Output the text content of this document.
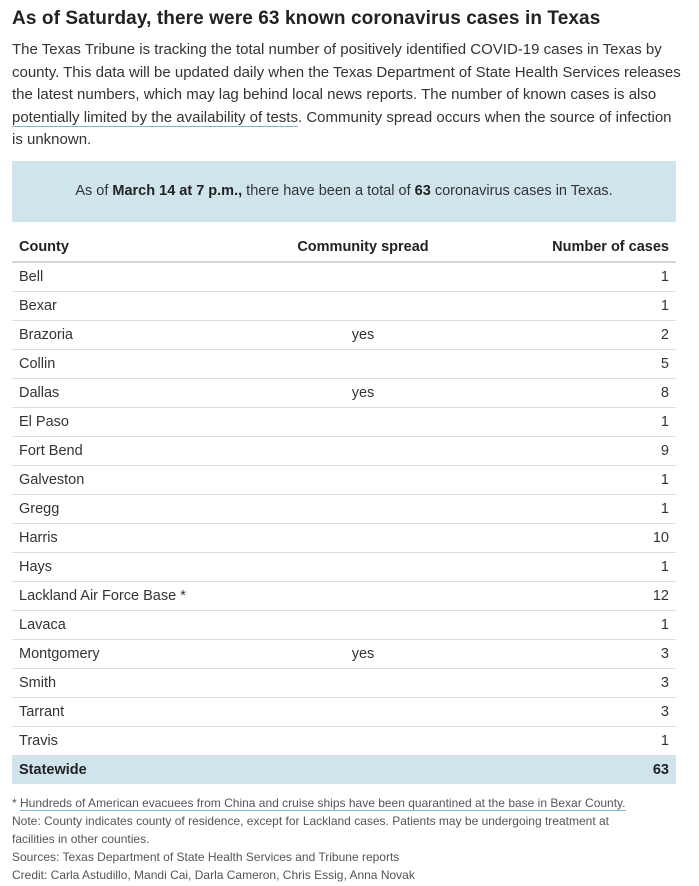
As of Saturday, there were 63 known coronavirus cases in Texas

The Texas Tribune is tracking the total number of positively identified COVID-19 cases in Texas by county. This data will be updated daily when the Texas Department of State Health Services releases the latest numbers, which may lag behind local news reports. The number of known cases is also potentially limited by the availability of tests. Community spread occurs when the source of infection is unknown.

As of March 14 at 7 p.m., there have been a total of 63 coronavirus cases in Texas.
County	Community spread	Number of cases
Bell		1
Bexar		1
Brazoria	yes	2
Collin		5
Dallas	yes	8
El Paso		1
Fort Bend		9
Galveston		1
Gregg		1
Harris		10
Hays		1
Lackland Air Force Base *		12
Lavaca		1
Montgomery	yes	3
Smith		3
Tarrant		3
Travis		1
Statewide		63

* Hundreds of American evacuees from China and cruise ships have been quarantined at the base in Bexar County.

Note: County indicates county of residence, except for Lackland cases. Patients may be undergoing treatment at facilities in other counties.

Sources: Texas Department of State Health Services and Tribune reports

Credit: Carla Astudillo, Mandi Cai, Darla Cameron, Chris Essig, Anna Novak
